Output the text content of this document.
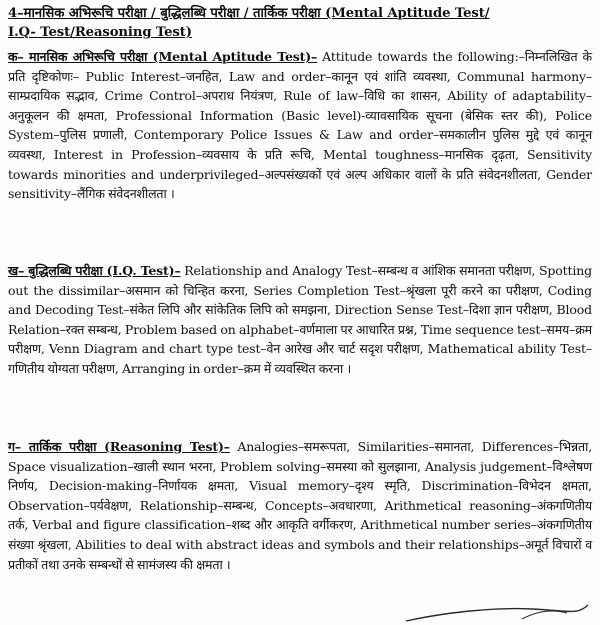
4–मानसिक अभिरूचि परीक्षा / बुद्धिलब्धि परीक्षा / तार्किक परीक्षा (Mental Aptitude Test/
I.Q- Test/Reasoning Test)
क– मानसिक अभिरूचि परीक्षा (Mental Aptitude Test)– Attitude towards the following:–निम्नलिखित के प्रति दृष्टिकोणः– Public Interest–जनहित, Law and order–कानून एवं शांति व्यवस्था, Communal harmony–साम्प्रदायिक सद्भाव, Crime Control–अपराध नियंत्रण, Rule of law–विधि का शासन, Ability of adaptability–अनुकूलन की क्षमता, Professional Information (Basic level)-व्यावसायिक सूचना (बेसिक स्तर की), Police System–पुलिस प्रणाली, Contemporary Police Issues & Law and order–समकालीन पुलिस मुद्दे एवं कानून व्यवस्था, Interest in Profession–व्यवसाय के प्रति रूचि, Mental toughness–मानसिक दृढ़ता, Sensitivity towards minorities and underprivileged–अल्पसंख्यकों एवं अल्प अधिकार वालों के प्रति संवेदनशीलता, Gender sensitivity–लैंगिक संवेदनशीलता ।
ख– बुद्धिलब्धि परीक्षा (I.Q. Test)– Relationship and Analogy Test–सम्बन्ध व आंशिक समानता परीक्षण, Spotting out the dissimilar–असमान को चिन्हित करना, Series Completion Test–श्रृंखला पूरी करने का परीक्षण, Coding and Decoding Test–संकेत लिपि और सांकेतिक लिपि को समझना, Direction Sense Test–दिशा ज्ञान परीक्षण, Blood Relation–रक्त सम्बन्ध, Problem based on alphabet–वर्णमाला पर आधारित प्रश्न, Time sequence test–समय–क्रम परीक्षण, Venn Diagram and chart type test–वेन आरेख और चार्ट सदृश परीक्षण, Mathematical ability Test–गणितीय योग्यता परीक्षण, Arranging in order–क्रम में व्यवस्थित करना ।
ग– तार्किक परीक्षा (Reasoning Test)– Analogies–समरूपता, Similarities–समानता, Differences–भिन्नता, Space visualization–खाली स्थान भरना, Problem solving–समस्या को सुलझाना, Analysis judgement–विश्लेषण निर्णय, Decision-making–निर्णायक क्षमता, Visual memory–दृश्य स्मृति, Discrimination–विभेदन क्षमता, Observation–पर्यवेक्षण, Relationship–सम्बन्ध, Concepts–अवधारणा, Arithmetical reasoning–अंकगणितीय तर्क, Verbal and figure classification–शब्द और आकृति वर्गीकरण, Arithmetical number series–अंकगणितीय संख्या श्रृंखला, Abilities to deal with abstract ideas and symbols and their relationships–अमूर्त विचारों व प्रतीकों तथा उनके सम्बन्धों से सामंजस्य की क्षमता ।
